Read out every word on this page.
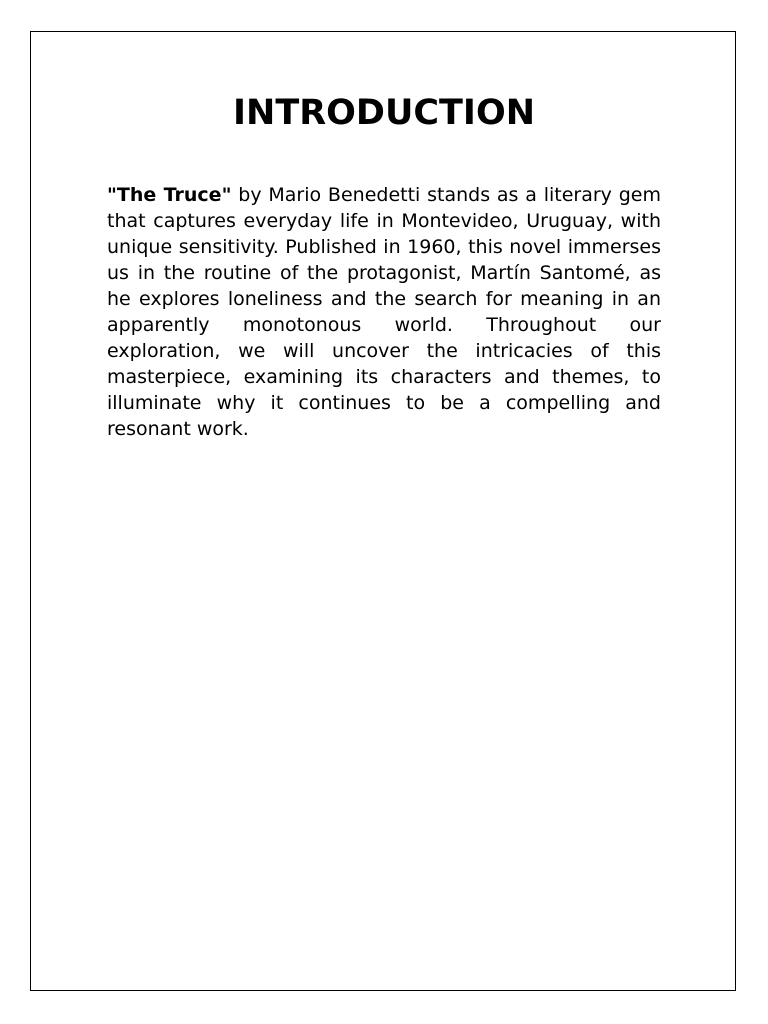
INTRODUCTION

"The Truce" by Mario Benedetti stands as a literary gem that captures everyday life in Montevideo, Uruguay, with unique sensitivity. Published in 1960, this novel immerses us in the routine of the protagonist, Martín Santomé, as he explores loneliness and the search for meaning in an apparently monotonous world. Throughout our exploration, we will uncover the intricacies of this masterpiece, examining its characters and themes, to illuminate why it continues to be a compelling and resonant work.
